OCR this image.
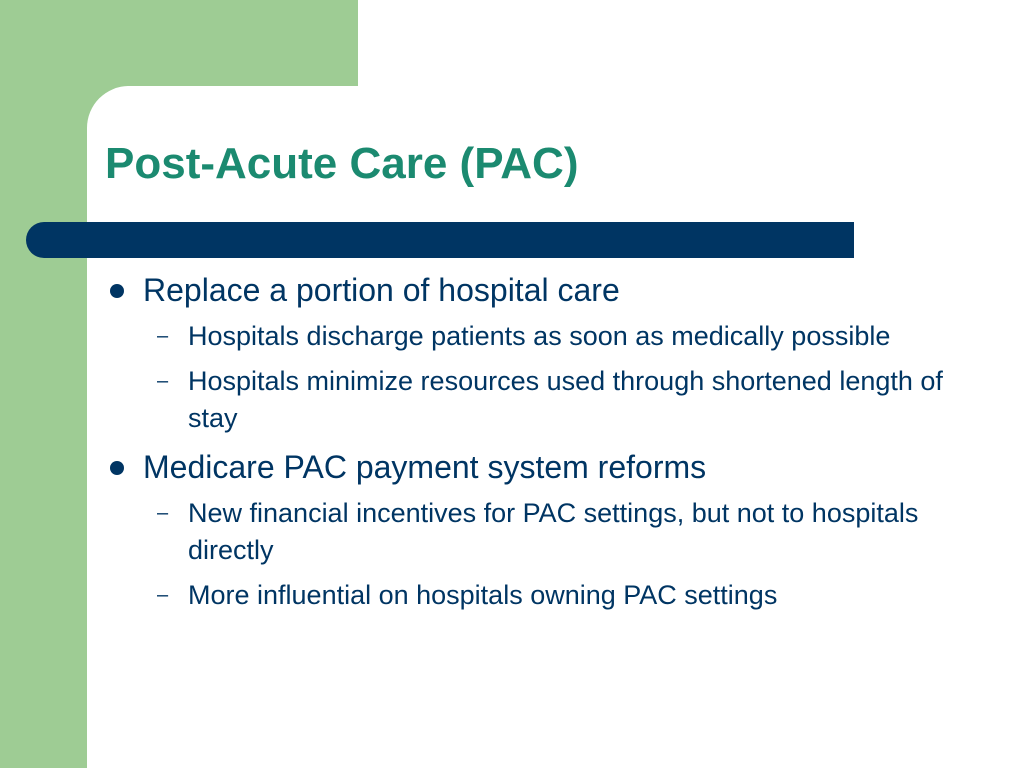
Post-Acute Care (PAC)

Replace a portion of hospital care

– Hospitals discharge patients as soon as medically possible

– Hospitals minimize resources used through shortened length of stay

Medicare PAC payment system reforms

– New financial incentives for PAC settings, but not to hospitals directly

– More influential on hospitals owning PAC settings
